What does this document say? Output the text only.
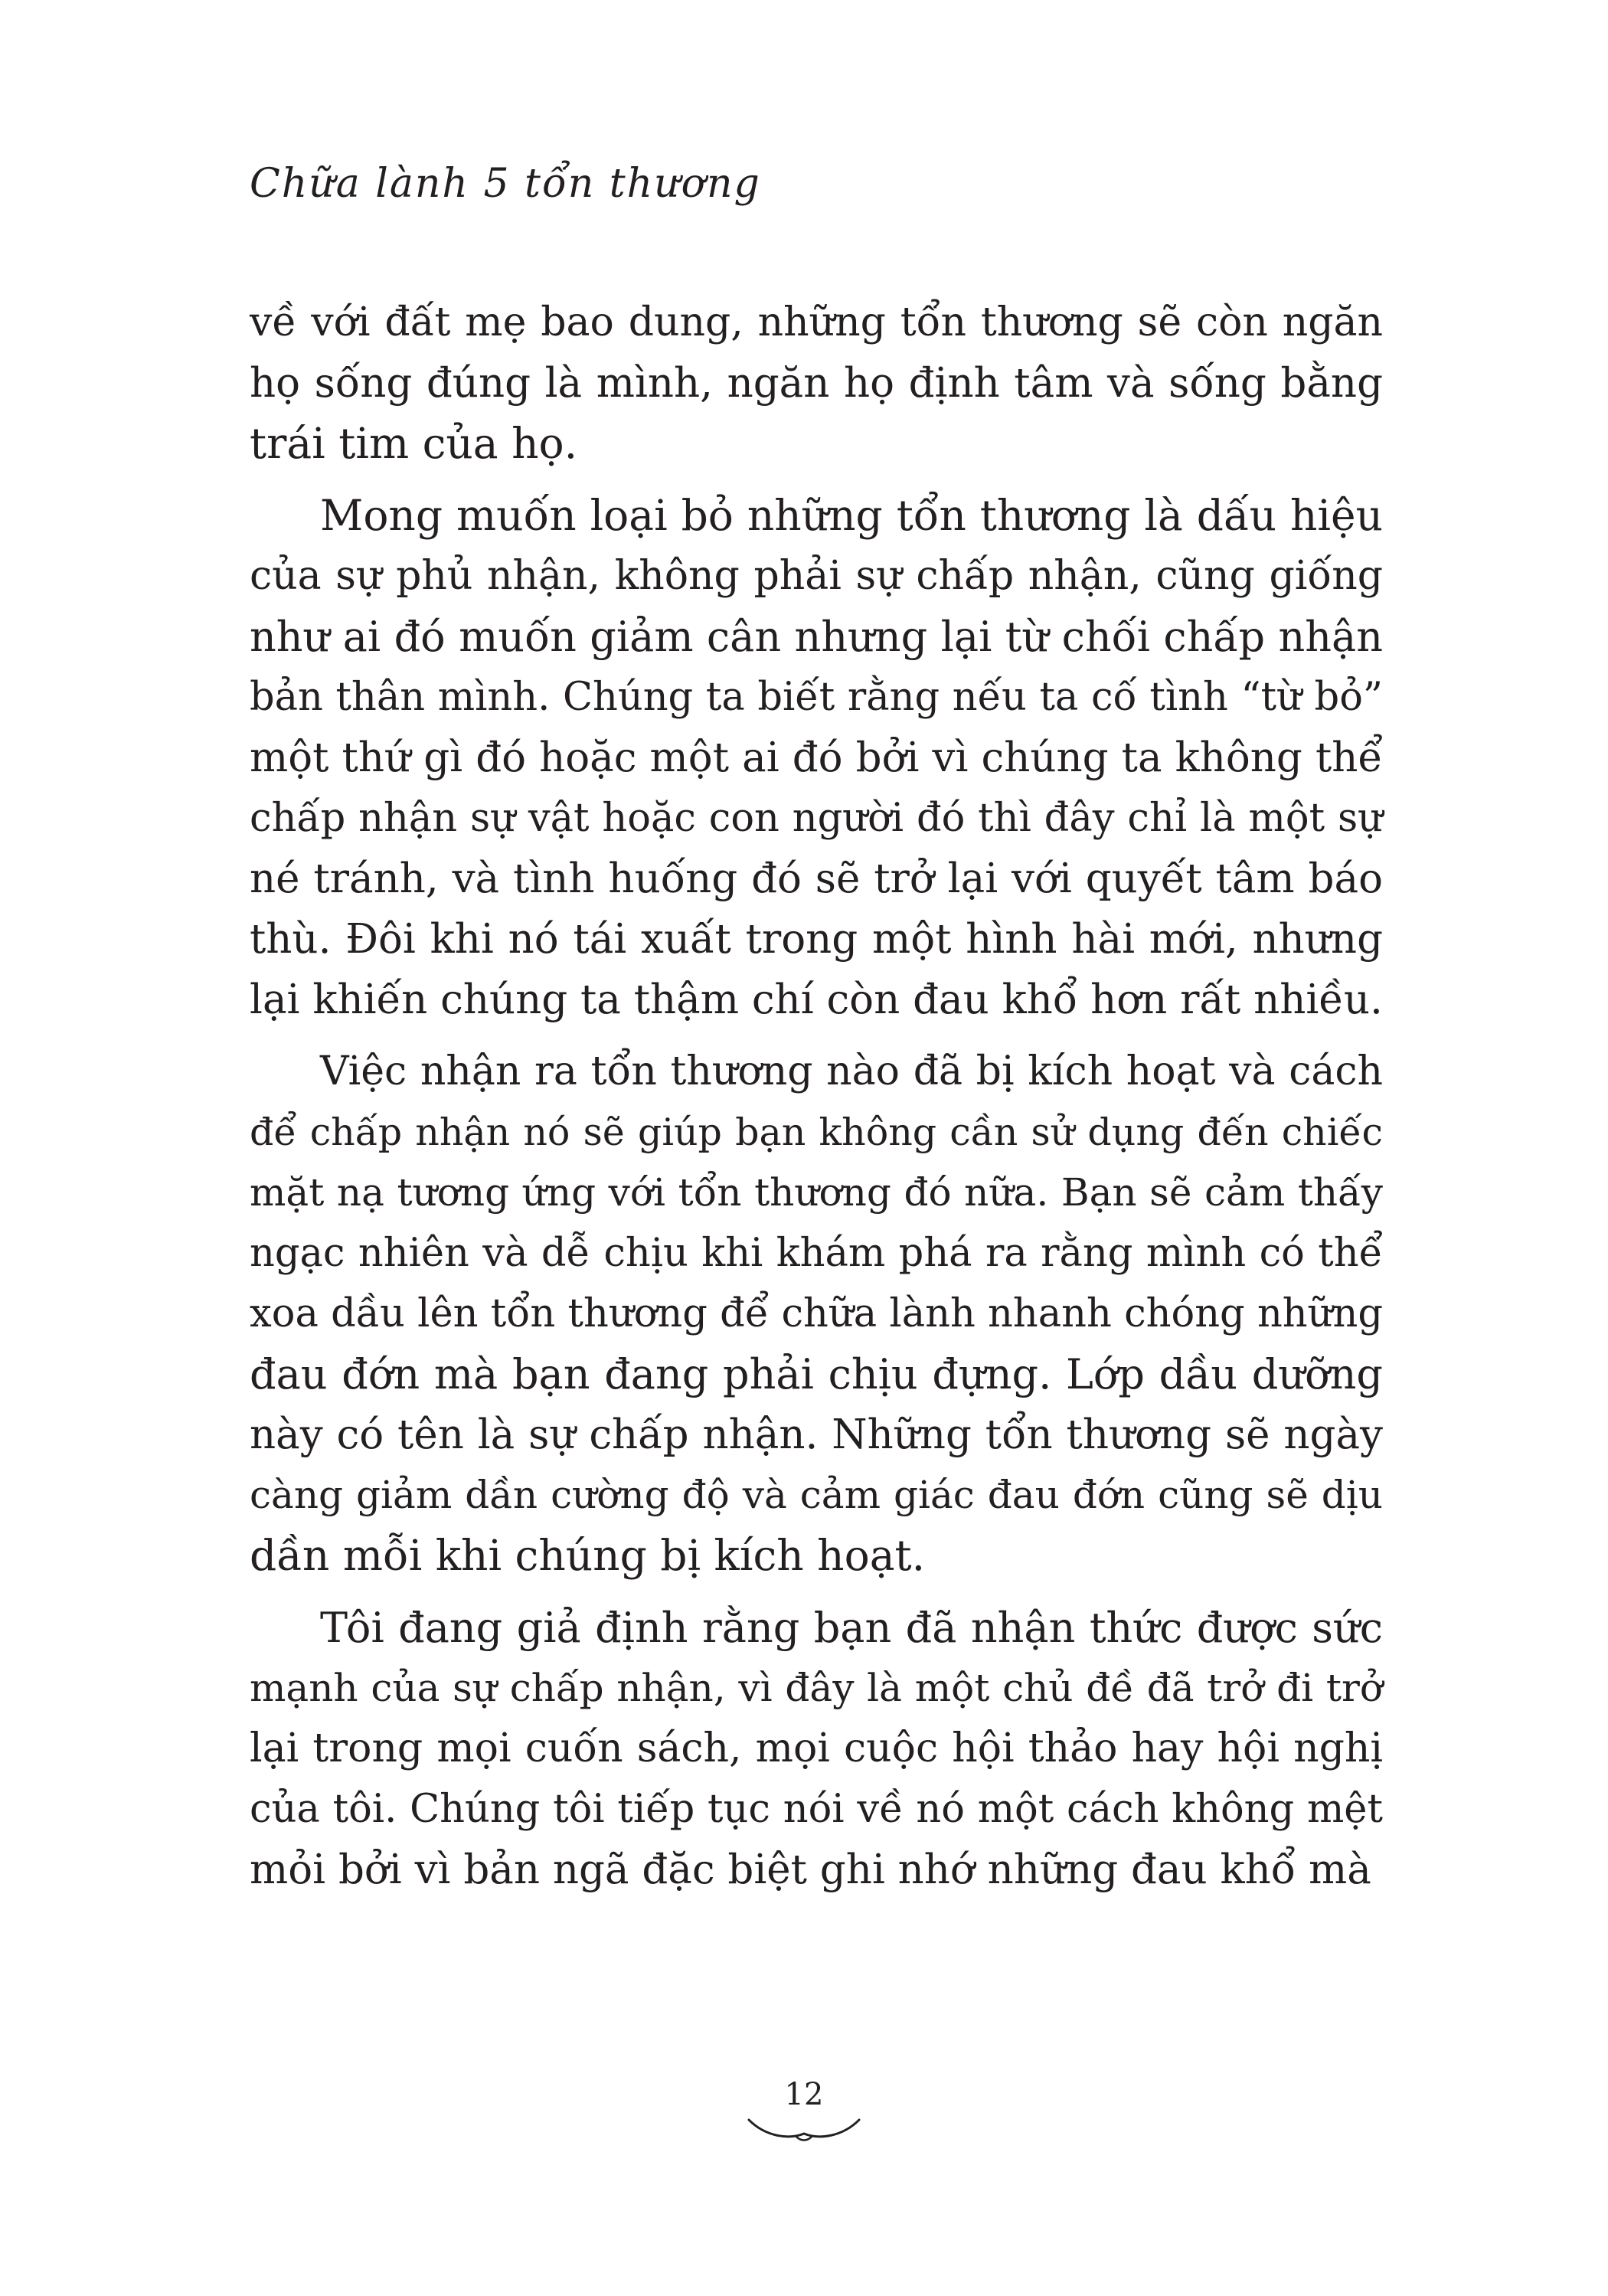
Chữa lành 5 tổn thương
về với đất mẹ bao dung, những tổn thương sẽ còn ngăn
họ sống đúng là mình, ngăn họ định tâm và sống bằng
trái tim của họ.
Mong muốn loại bỏ những tổn thương là dấu hiệu
của sự phủ nhận, không phải sự chấp nhận, cũng giống
như ai đó muốn giảm cân nhưng lại từ chối chấp nhận
bản thân mình. Chúng ta biết rằng nếu ta cố tình “từ bỏ”
một thứ gì đó hoặc một ai đó bởi vì chúng ta không thể
chấp nhận sự vật hoặc con người đó thì đây chỉ là một sự
né tránh, và tình huống đó sẽ trở lại với quyết tâm báo
thù. Đôi khi nó tái xuất trong một hình hài mới, nhưng
lại khiến chúng ta thậm chí còn đau khổ hơn rất nhiều.
Việc nhận ra tổn thương nào đã bị kích hoạt và cách
để chấp nhận nó sẽ giúp bạn không cần sử dụng đến chiếc
mặt nạ tương ứng với tổn thương đó nữa. Bạn sẽ cảm thấy
ngạc nhiên và dễ chịu khi khám phá ra rằng mình có thể
xoa dầu lên tổn thương để chữa lành nhanh chóng những
đau đớn mà bạn đang phải chịu đựng. Lớp dầu dưỡng
này có tên là sự chấp nhận. Những tổn thương sẽ ngày
càng giảm dần cường độ và cảm giác đau đớn cũng sẽ dịu
dần mỗi khi chúng bị kích hoạt.
Tôi đang giả định rằng bạn đã nhận thức được sức
mạnh của sự chấp nhận, vì đây là một chủ đề đã trở đi trở
lại trong mọi cuốn sách, mọi cuộc hội thảo hay hội nghị
của tôi. Chúng tôi tiếp tục nói về nó một cách không mệt
mỏi bởi vì bản ngã đặc biệt ghi nhớ những đau khổ mà
12
